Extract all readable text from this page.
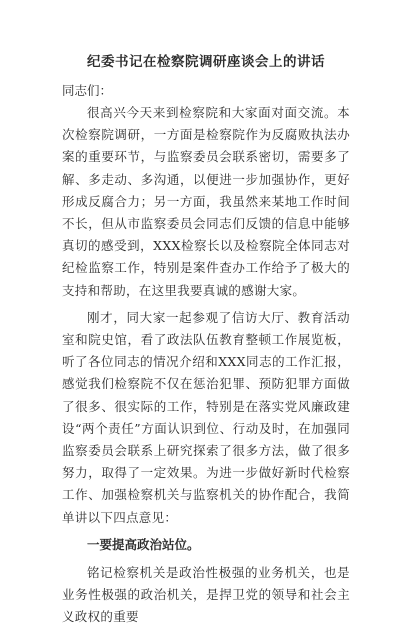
纪委书记在检察院调研座谈会上的讲话

同志们：

很高兴今天来到检察院和大家面对面交流。本次检察院调研，一方面是检察院作为反腐败执法办案的重要环节，与监察委员会联系密切，需要多了解、多走动、多沟通，以便进一步加强协作，更好形成反腐合力；另一方面，我虽然来某地工作时间不长，但从市监察委员会同志们反馈的信息中能够真切的感受到，XXX检察长以及检察院全体同志对纪检监察工作，特别是案件查办工作给予了极大的支持和帮助，在这里我要真诚的感谢大家。

刚才，同大家一起参观了信访大厅、教育活动室和院史馆，看了政法队伍教育整顿工作展览板，听了各位同志的情况介绍和XXX同志的工作汇报，感觉我们检察院不仅在惩治犯罪、预防犯罪方面做了很多、很实际的工作，特别是在落实党风廉政建设“两个责任”方面认识到位、行动及时，在加强同监察委员会联系上研究探索了很多方法，做了很多努力，取得了一定效果。为进一步做好新时代检察工作、加强检察机关与监察机关的协作配合，我简单讲以下四点意见：

一要提高政治站位。

铭记检察机关是政治性极强的业务机关，也是业务性极强的政治机关，是捍卫党的领导和社会主义政权的重要
